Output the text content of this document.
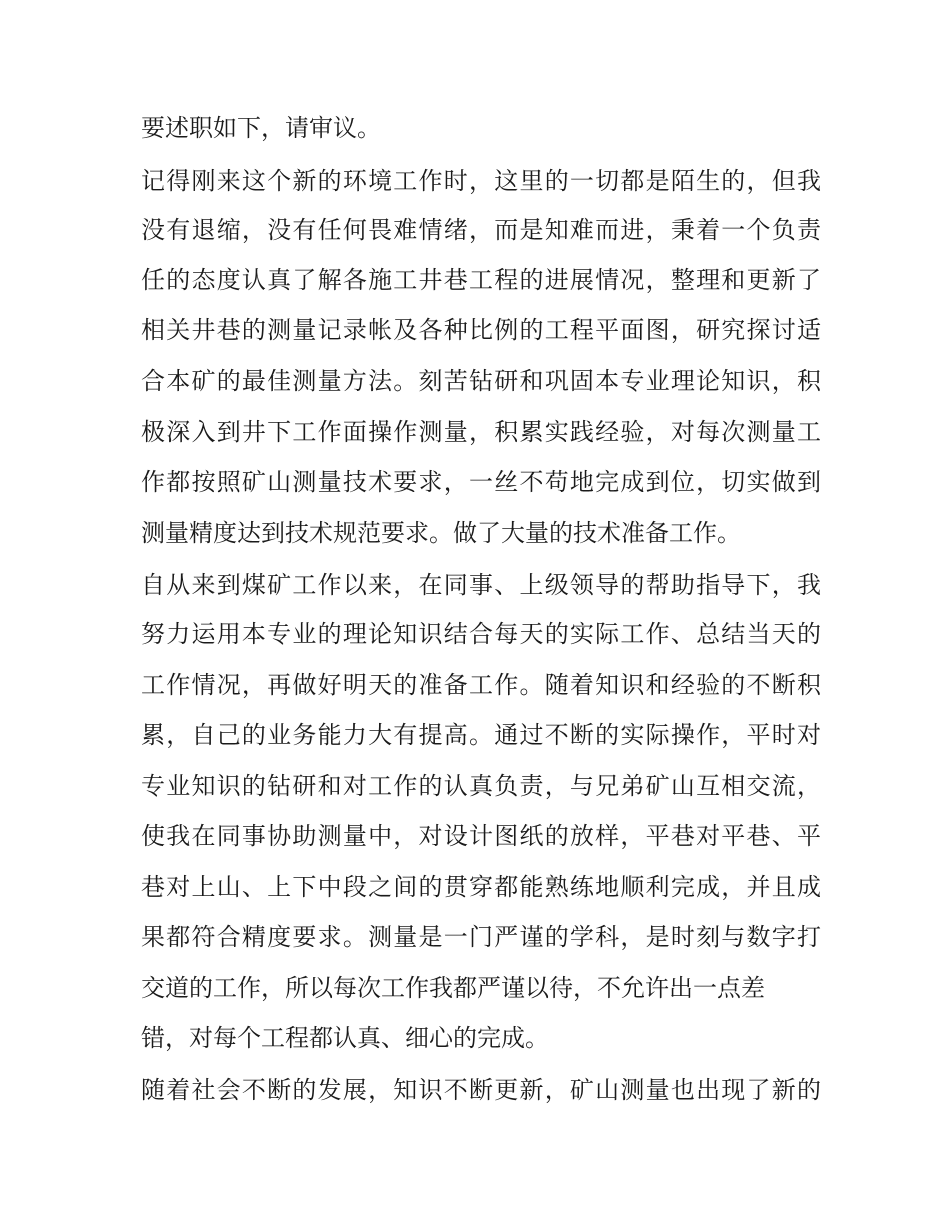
要述职如下，请审议。
记得刚来这个新的环境工作时，这里的一切都是陌生的，但我
没有退缩，没有任何畏难情绪，而是知难而进，秉着一个负责
任的态度认真了解各施工井巷工程的进展情况，整理和更新了
相关井巷的测量记录帐及各种比例的工程平面图，研究探讨适
合本矿的最佳测量方法。刻苦钻研和巩固本专业理论知识，积
极深入到井下工作面操作测量，积累实践经验，对每次测量工
作都按照矿山测量技术要求，一丝不苟地完成到位，切实做到
测量精度达到技术规范要求。做了大量的技术准备工作。
自从来到煤矿工作以来，在同事、上级领导的帮助指导下，我
努力运用本专业的理论知识结合每天的实际工作、总结当天的
工作情况，再做好明天的准备工作。随着知识和经验的不断积
累，自己的业务能力大有提高。通过不断的实际操作，平时对
专业知识的钻研和对工作的认真负责，与兄弟矿山互相交流，
使我在同事协助测量中，对设计图纸的放样，平巷对平巷、平
巷对上山、上下中段之间的贯穿都能熟练地顺利完成，并且成
果都符合精度要求。测量是一门严谨的学科，是时刻与数字打
交道的工作，所以每次工作我都严谨以待，不允许出一点差
错，对每个工程都认真、细心的完成。
随着社会不断的发展，知识不断更新，矿山测量也出现了新的
